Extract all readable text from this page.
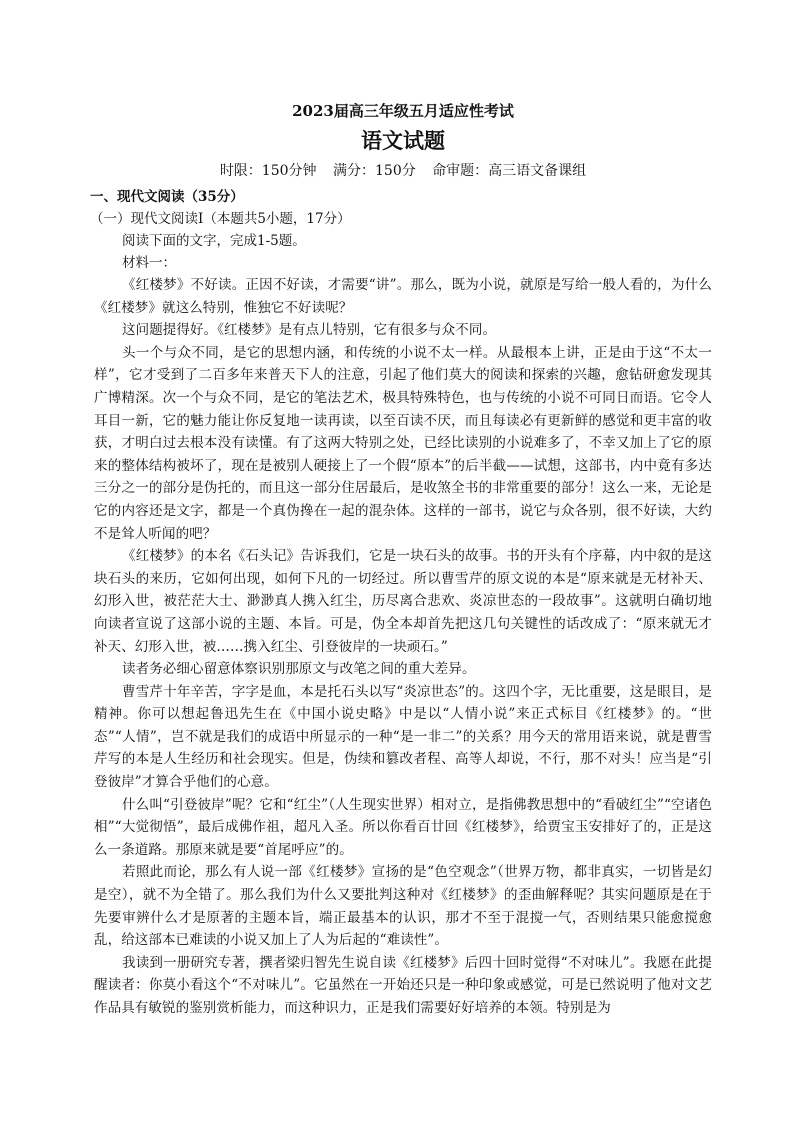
2023届高三年级五月适应性考试
语文试题
时限：150分钟 满分：150分 命审题：高三语文备课组
一、现代文阅读（35分）
（一）现代文阅读Ⅰ（本题共5小题，17分）
阅读下面的文字，完成1-5题。
材料一：

《红楼梦》不好读。正因不好读，才需要“讲”。那么，既为小说，就原是写给一般人看的，为什么《红楼梦》就这么特别，惟独它不好读呢？

这问题提得好。《红楼梦》是有点儿特别，它有很多与众不同。

头一个与众不同，是它的思想内涵，和传统的小说不太一样。从最根本上讲，正是由于这“不太一样”，它才受到了二百多年来普天下人的注意，引起了他们莫大的阅读和探索的兴趣，愈钻研愈发现其广博精深。次一个与众不同，是它的笔法艺术，极具特殊特色，也与传统的小说不可同日而语。它令人耳目一新，它的魅力能让你反复地一读再读，以至百读不厌，而且每读必有更新鲜的感觉和更丰富的收获，才明白过去根本没有读懂。有了这两大特别之处，已经比读别的小说难多了，不幸又加上了它的原来的整体结构被坏了，现在是被别人硬接上了一个假“原本”的后半截——试想，这部书，内中竟有多达三分之一的部分是伪托的，而且这一部分住居最后，是收煞全书的非常重要的部分！这么一来，无论是它的内容还是文字，都是一个真伪搀在一起的混杂体。这样的一部书，说它与众各别，很不好读，大约不是耸人听闻的吧？

《红楼梦》的本名《石头记》告诉我们，它是一块石头的故事。书的开头有个序幕，内中叙的是这块石头的来历，它如何出现，如何下凡的一切经过。所以曹雪芹的原文说的本是“原来就是无材补天、幻形入世，被茫茫大士、渺渺真人携入红尘，历尽离合悲欢、炎凉世态的一段故事”。这就明白确切地向读者宣说了这部小说的主题、本旨。可是，伪全本却首先把这几句关键性的话改成了：“原来就无才补天、幻形入世，被……携入红尘、引登彼岸的一块顽石。”

读者务必细心留意体察识别那原文与改笔之间的重大差异。

曹雪芹十年辛苦，字字是血，本是托石头以写“炎凉世态”的。这四个字，无比重要，这是眼目，是精神。你可以想起鲁迅先生在《中国小说史略》中是以“人情小说”来正式标目《红楼梦》的。“世态”“人情”，岂不就是我们的成语中所显示的一种“是一非二”的关系？用今天的常用语来说，就是曹雪芹写的本是人生经历和社会现实。但是，伪续和篡改者程、高等人却说，不行，那不对头！应当是“引登彼岸”才算合乎他们的心意。

什么叫“引登彼岸”呢？它和“红尘”（人生现实世界）相对立，是指佛教思想中的“看破红尘”“空诸色相”“大觉彻悟”，最后成佛作祖，超凡入圣。所以你看百廿回《红楼梦》，给贾宝玉安排好了的，正是这么一条道路。那原来就是要“首尾呼应”的。

若照此而论，那么有人说一部《红楼梦》宣扬的是“色空观念”（世界万物，都非真实，一切皆是幻是空），就不为全错了。那么我们为什么又要批判这种对《红楼梦》的歪曲解释呢？其实问题原是在于先要审辨什么才是原著的主题本旨，端正最基本的认识，那才不至于混搅一气，否则结果只能愈搅愈乱，给这部本已难读的小说又加上了人为后起的“难读性”。

我读到一册研究专著，撰者梁归智先生说自读《红楼梦》后四十回时觉得“不对味儿”。我愿在此提醒读者：你莫小看这个“不对味儿”。它虽然在一开始还只是一种印象或感觉，可是已然说明了他对文艺作品具有敏锐的鉴别赏析能力，而这种识力，正是我们需要好好培养的本领。特别是为
